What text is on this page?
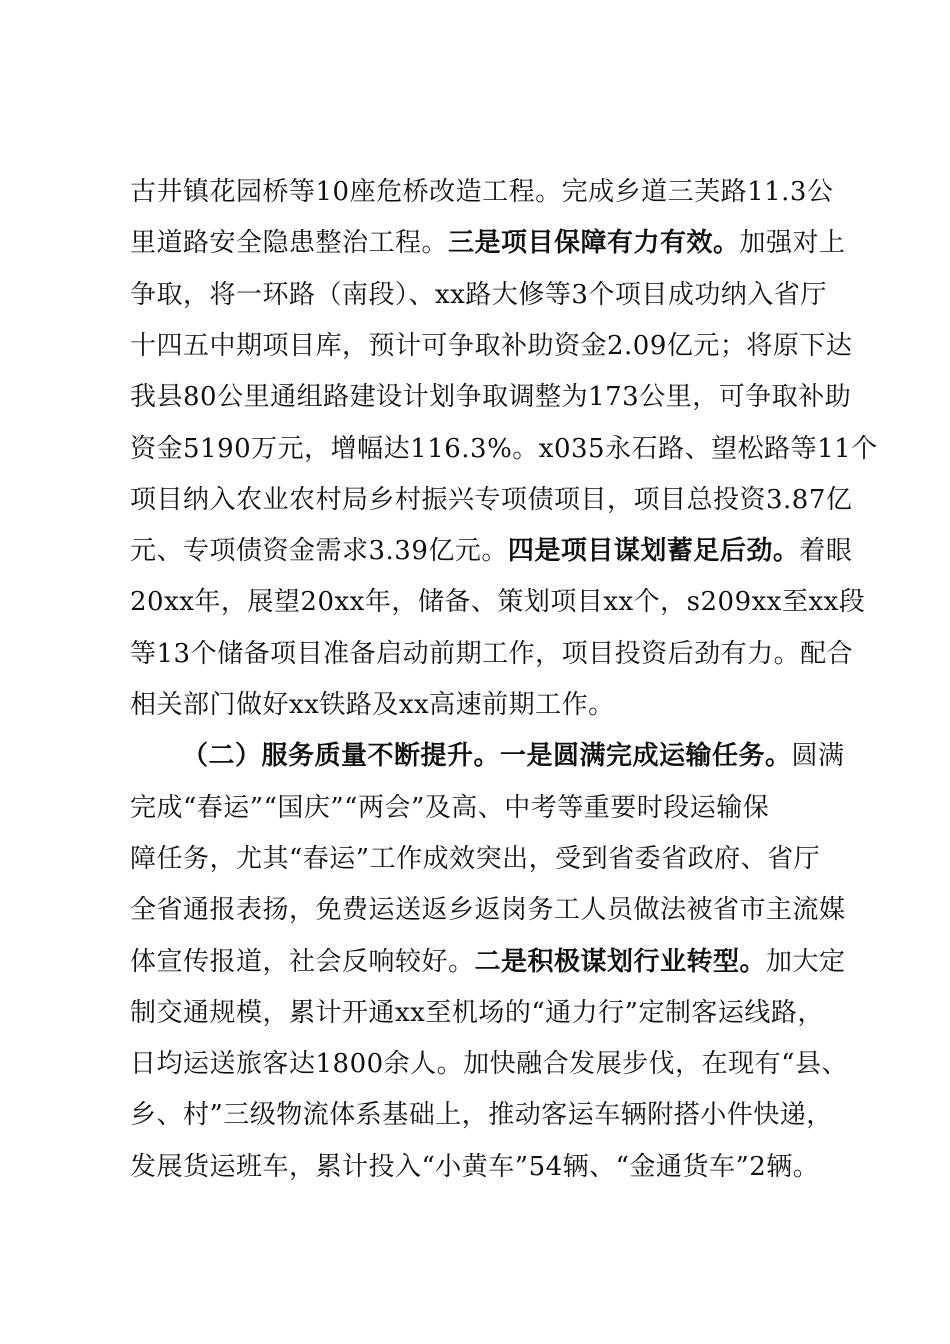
古井镇花园桥等10座危桥改造工程。完成乡道三芙路11.3公
里道路安全隐患整治工程。三是项目保障有力有效。加强对上
争取，将一环路（南段）、xx路大修等3个项目成功纳入省厅
十四五中期项目库，预计可争取补助资金2.09亿元；将原下达
我县80公里通组路建设计划争取调整为173公里，可争取补助
资金5190万元，增幅达116.3%。x035永石路、望松路等11个
项目纳入农业农村局乡村振兴专项债项目，项目总投资3.87亿
元、专项债资金需求3.39亿元。四是项目谋划蓄足后劲。着眼
20xx年，展望20xx年，储备、策划项目xx个，s209xx至xx段
等13个储备项目准备启动前期工作，项目投资后劲有力。配合
相关部门做好xx铁路及xx高速前期工作。
（二）服务质量不断提升。一是圆满完成运输任务。圆满
完成“春运”“国庆”“两会”及高、中考等重要时段运输保
障任务，尤其“春运”工作成效突出，受到省委省政府、省厅
全省通报表扬，免费运送返乡返岗务工人员做法被省市主流媒
体宣传报道，社会反响较好。二是积极谋划行业转型。加大定
制交通规模，累计开通xx至机场的“通力行”定制客运线路，
日均运送旅客达1800余人。加快融合发展步伐，在现有“县、
乡、村”三级物流体系基础上，推动客运车辆附搭小件快递，
发展货运班车，累计投入“小黄车”54辆、“金通货车”2辆。
